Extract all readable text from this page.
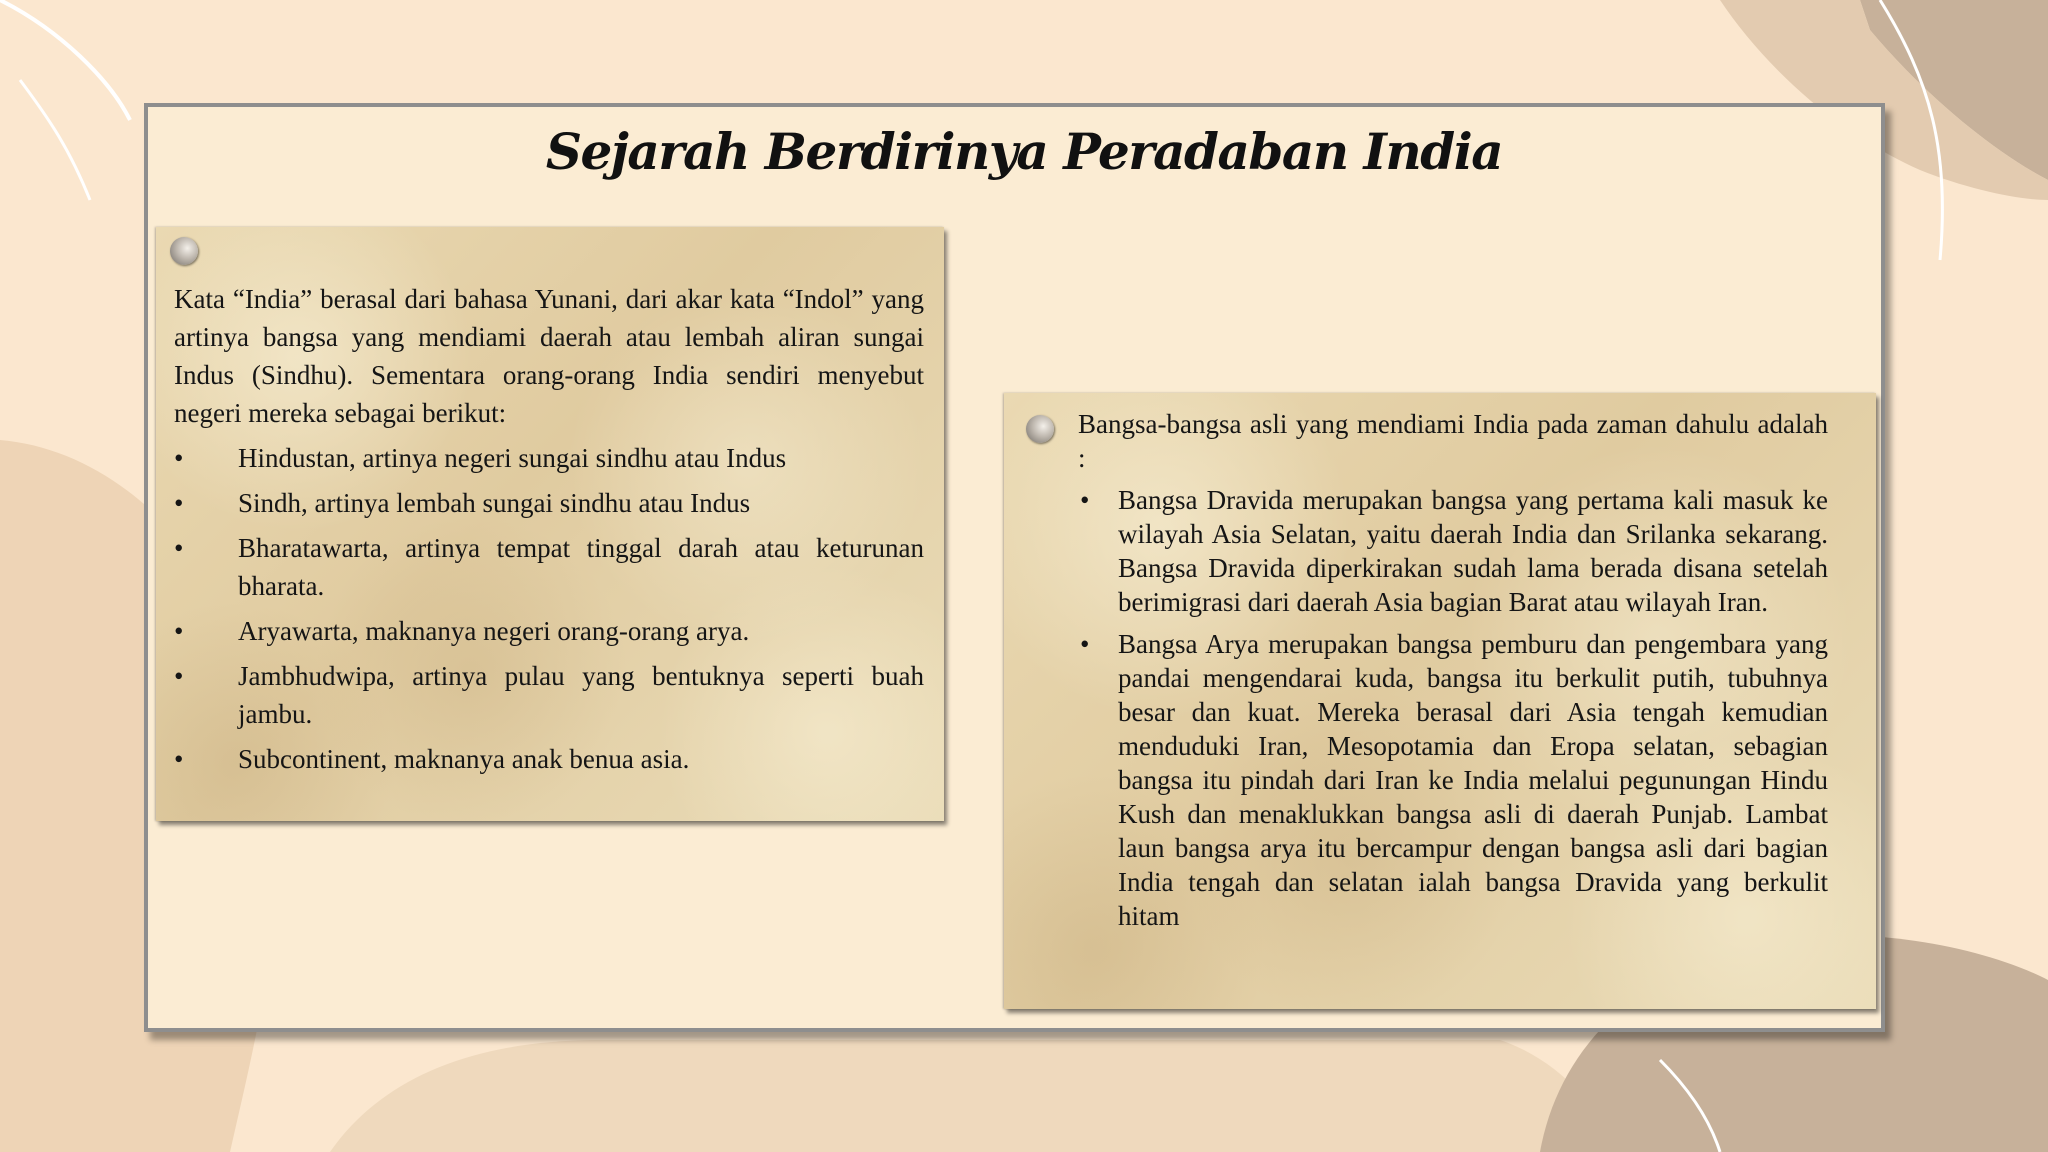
Sejarah Berdirinya Peradaban India

Kata “India” berasal dari bahasa Yunani, dari akar kata “Indol” yang artinya bangsa yang mendiami daerah atau lembah aliran sungai Indus (Sindhu). Sementara orang-orang India sendiri menyebut negeri mereka sebagai berikut:

• Hindustan, artinya negeri sungai sindhu atau Indus
• Sindh, artinya lembah sungai sindhu atau Indus
• Bharatawarta, artinya tempat tinggal darah atau keturunan bharata.
• Aryawarta, maknanya negeri orang-orang arya.
• Jambhudwipa, artinya pulau yang bentuknya seperti buah jambu.
• Subcontinent, maknanya anak benua asia.

Bangsa-bangsa asli yang mendiami India pada zaman dahulu adalah :

• Bangsa Dravida merupakan bangsa yang pertama kali masuk ke wilayah Asia Selatan, yaitu daerah India dan Srilanka sekarang. Bangsa Dravida diperkirakan sudah lama berada disana setelah berimigrasi dari daerah Asia bagian Barat atau wilayah Iran.
• Bangsa Arya merupakan bangsa pemburu dan pengembara yang pandai mengendarai kuda, bangsa itu berkulit putih, tubuhnya besar dan kuat. Mereka berasal dari Asia tengah kemudian menduduki Iran, Mesopotamia dan Eropa selatan, sebagian bangsa itu pindah dari Iran ke India melalui pegunungan Hindu Kush dan menaklukkan bangsa asli di daerah Punjab. Lambat laun bangsa arya itu bercampur dengan bangsa asli dari bagian India tengah dan selatan ialah bangsa Dravida yang berkulit hitam
